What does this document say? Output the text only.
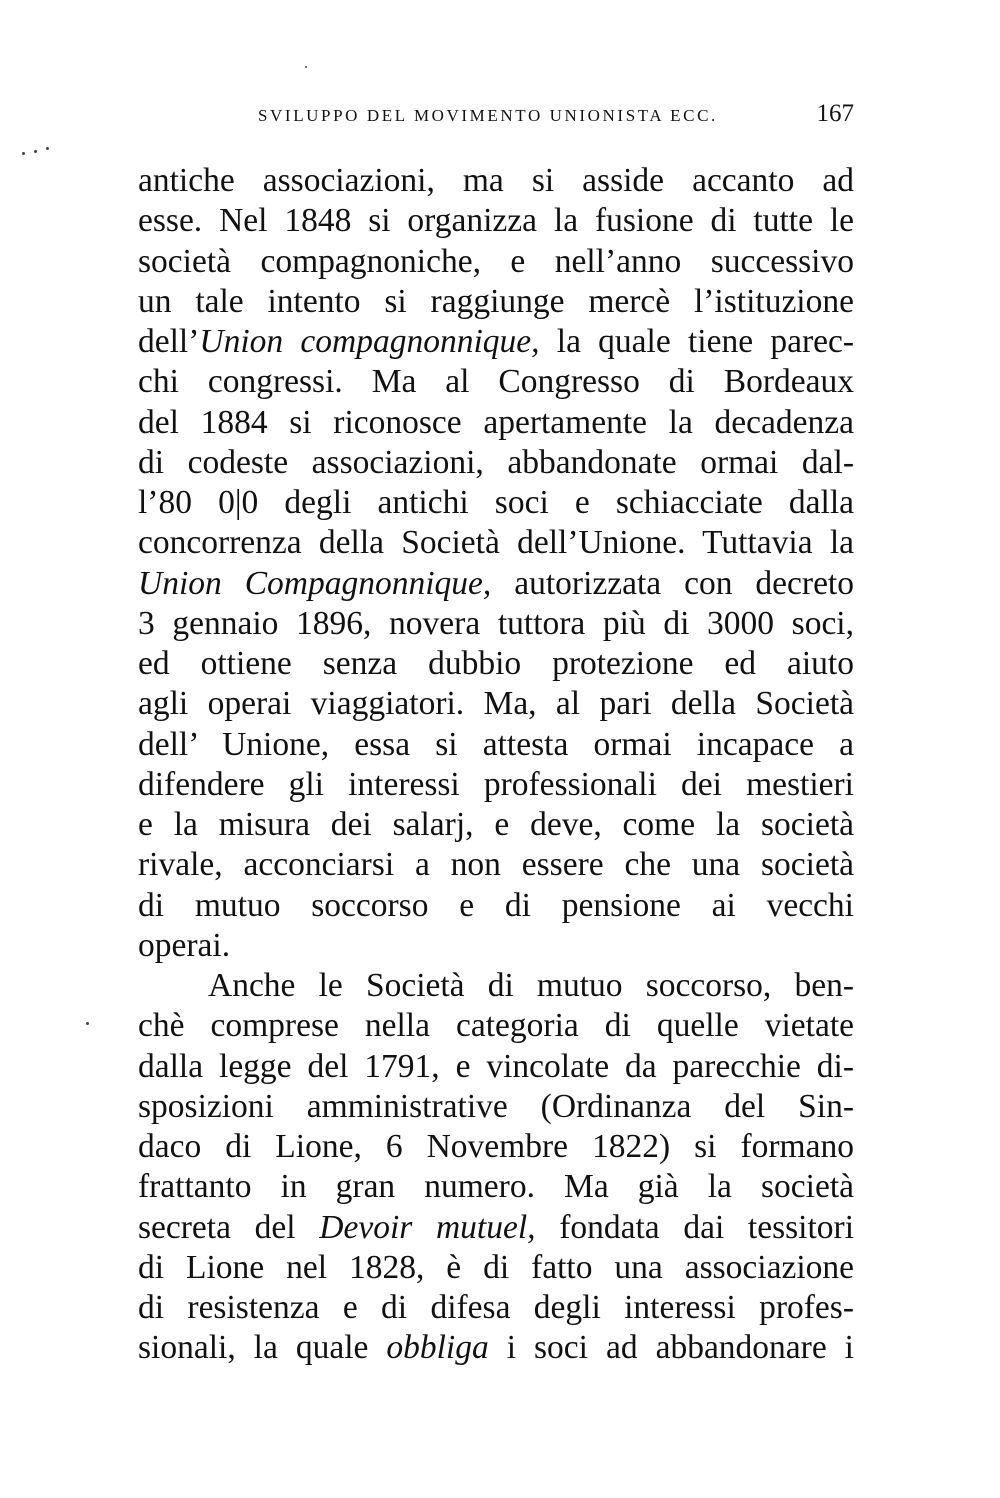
SVILUPPO DEL MOVIMENTO UNIONISTA ECC.	167
antiche associazioni, ma si asside accanto ad
esse. Nel 1848 si organizza la fusione di tutte le
società compagnoniche, e nell’anno successivo
un tale intento si raggiunge mercè l’istituzione
dell’Union compagnonnique, la quale tiene parec-
chi congressi. Ma al Congresso di Bordeaux
del 1884 si riconosce apertamente la decadenza
di codeste associazioni, abbandonate ormai dal-
l’80 0|0 degli antichi soci e schiacciate dalla
concorrenza della Società dell’Unione. Tuttavia la
Union Compagnonnique, autorizzata con decreto
3 gennaio 1896, novera tuttora più di 3000 soci,
ed ottiene senza dubbio protezione ed aiuto
agli operai viaggiatori. Ma, al pari della Società
dell’ Unione, essa si attesta ormai incapace a
difendere gli interessi professionali dei mestieri
e la misura dei salarj, e deve, come la società
rivale, acconciarsi a non essere che una società
di mutuo soccorso e di pensione ai vecchi
operai.
Anche le Società di mutuo soccorso, ben-
chè comprese nella categoria di quelle vietate
dalla legge del 1791, e vincolate da parecchie di-
sposizioni amministrative (Ordinanza del Sin-
daco di Lione, 6 Novembre 1822) si formano
frattanto in gran numero. Ma già la società
secreta del Devoir mutuel, fondata dai tessitori
di Lione nel 1828, è di fatto una associazione
di resistenza e di difesa degli interessi profes-
sionali, la quale obbliga i soci ad abbandonare i
